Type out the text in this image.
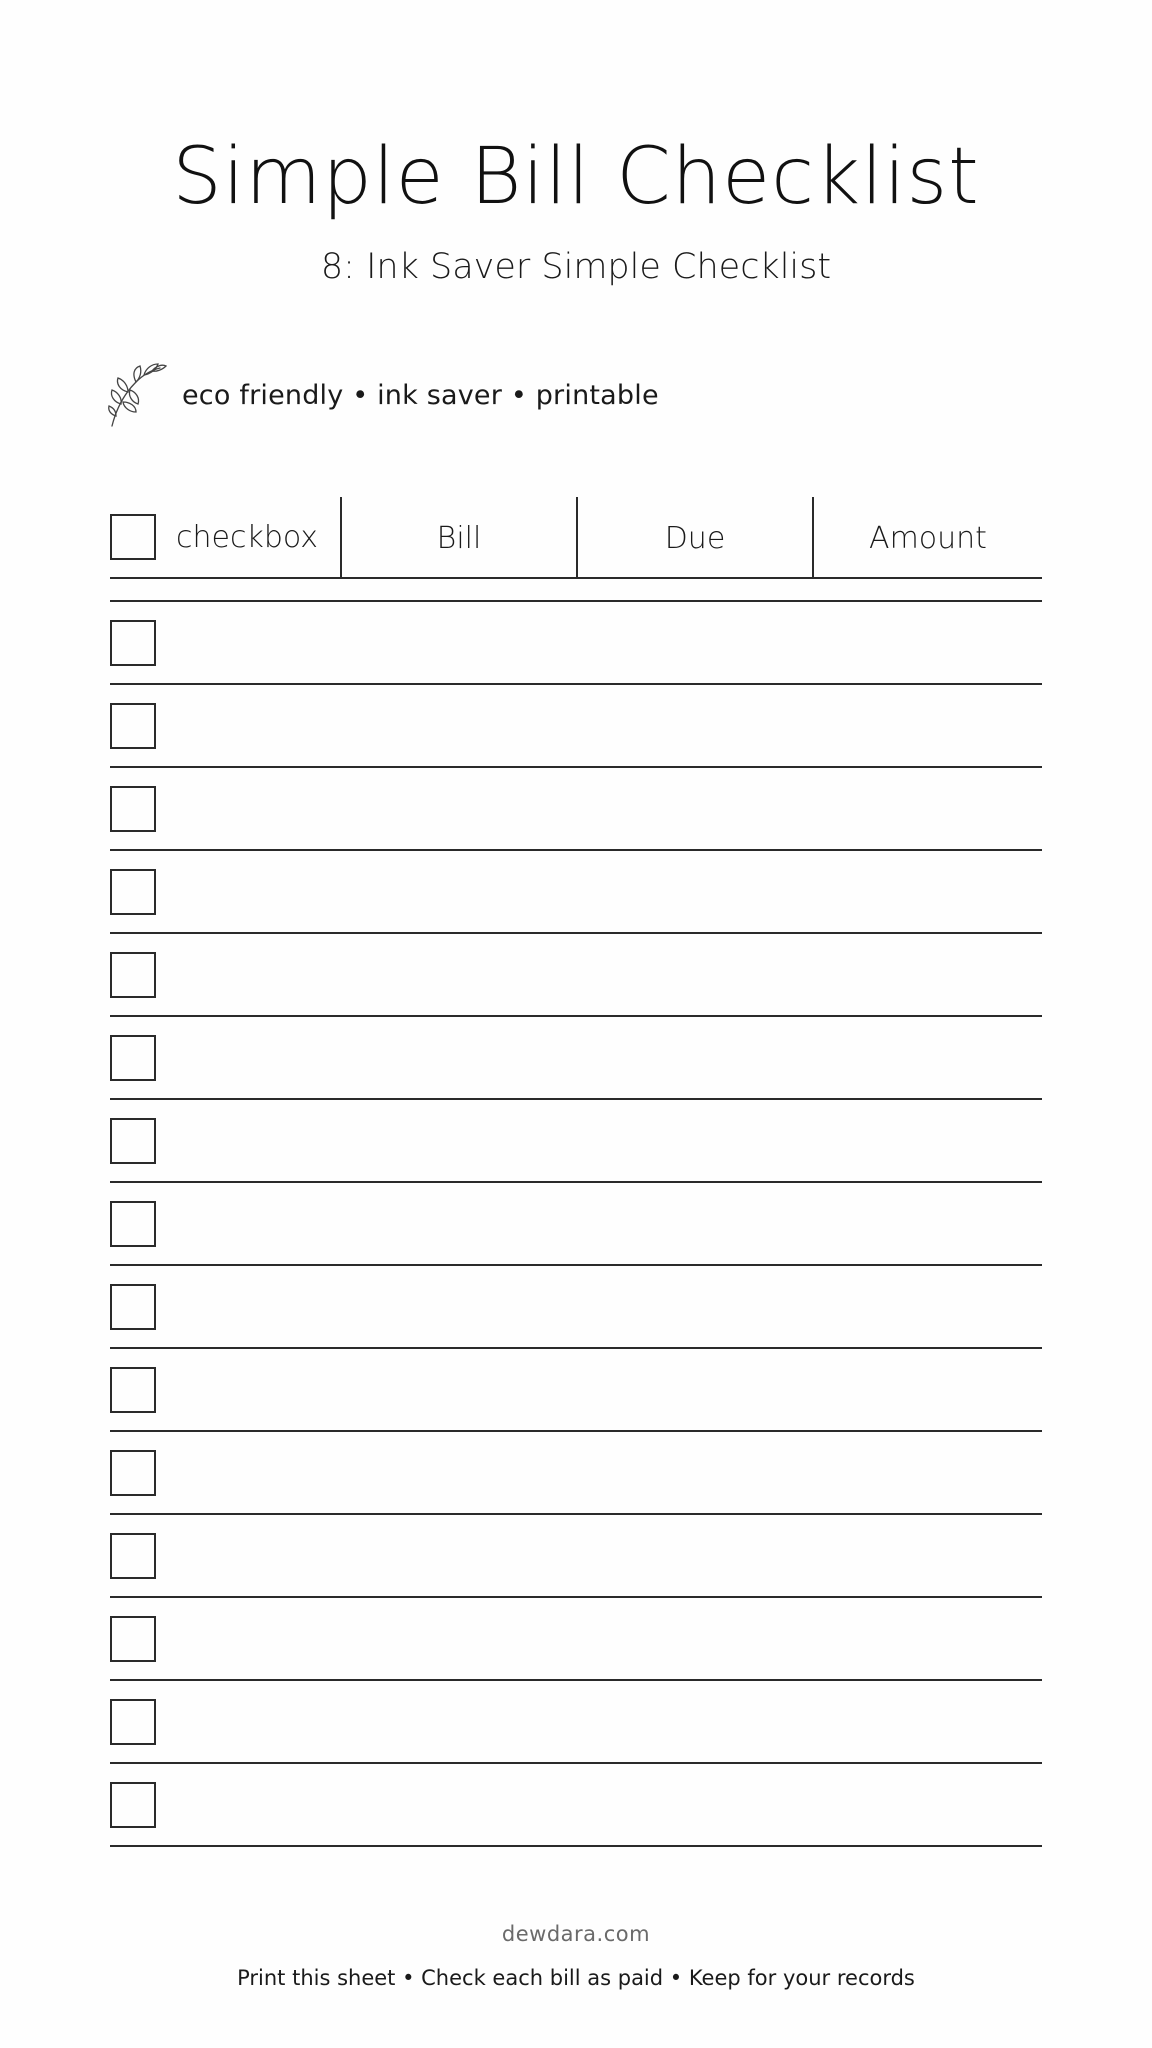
Simple Bill Checklist
8: Ink Saver Simple Checklist
eco friendly • ink saver • printable
checkbox	Bill	Due	Amount
dewdara.com
Print this sheet • Check each bill as paid • Keep for your records
